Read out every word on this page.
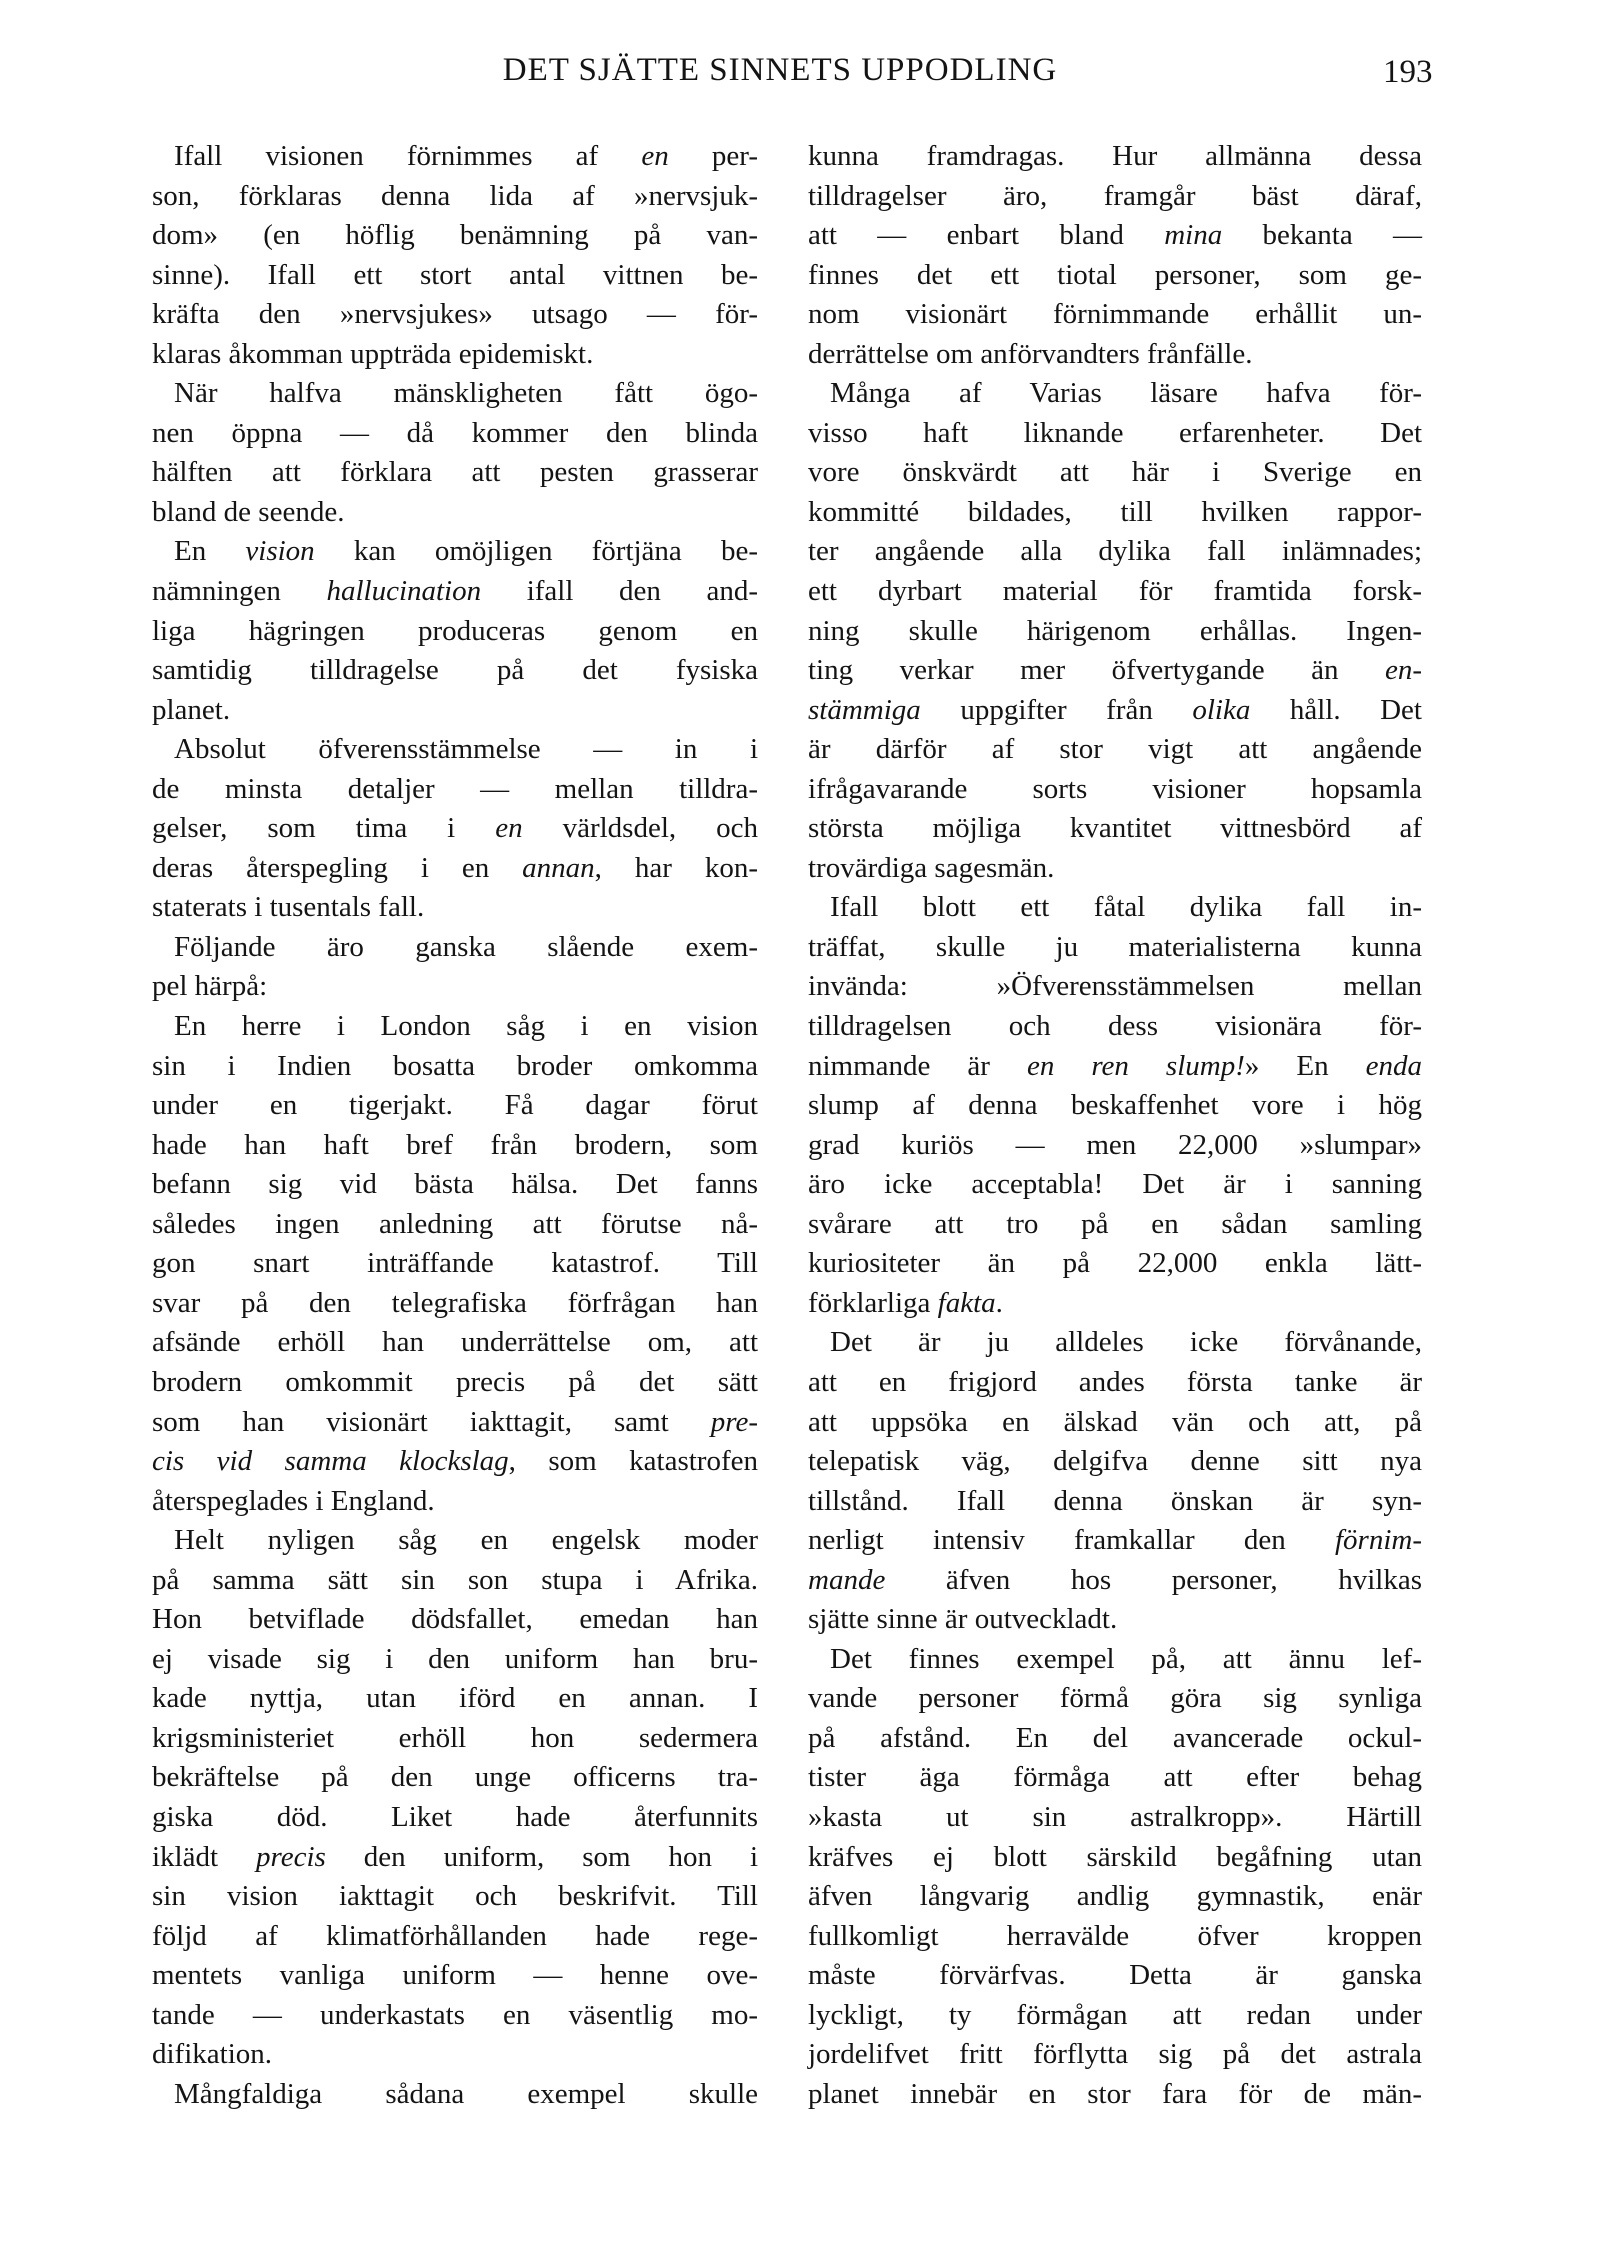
DET SJÄTTE SINNETS UPPODLING	193
Ifall visionen förnimmes af en per-
son, förklaras denna lida af »nervsjuk-
dom» (en höflig benämning på van-
sinne). Ifall ett stort antal vittnen be-
kräfta den »nervsjukes» utsago — för-
klaras åkomman uppträda epidemiskt.
När halfva mänskligheten fått ögo-
nen öppna — då kommer den blinda
hälften att förklara att pesten grasserar
bland de seende.
En vision kan omöjligen förtjäna be-
nämningen hallucination ifall den and-
liga hägringen produceras genom en
samtidig tilldragelse på det fysiska
planet.
Absolut öfverensstämmelse — in i
de minsta detaljer — mellan tilldra-
gelser, som tima i en världsdel, och
deras återspegling i en annan, har kon-
staterats i tusentals fall.
Följande äro ganska slående exem-
pel härpå:
En herre i London såg i en vision
sin i Indien bosatta broder omkomma
under en tigerjakt. Få dagar förut
hade han haft bref från brodern, som
befann sig vid bästa hälsa. Det fanns
således ingen anledning att förutse nå-
gon snart inträffande katastrof. Till
svar på den telegrafiska förfrågan han
afsände erhöll han underrättelse om, att
brodern omkommit precis på det sätt
som han visionärt iakttagit, samt pre-
cis vid samma klockslag, som katastrofen
återspeglades i England.
Helt nyligen såg en engelsk moder
på samma sätt sin son stupa i Afrika.
Hon betviflade dödsfallet, emedan han
ej visade sig i den uniform han bru-
kade nyttja, utan iförd en annan. I
krigsministeriet erhöll hon sedermera
bekräftelse på den unge officerns tra-
giska död. Liket hade återfunnits
iklädt precis den uniform, som hon i
sin vision iakttagit och beskrifvit. Till
följd af klimatförhållanden hade rege-
mentets vanliga uniform — henne ove-
tande — underkastats en väsentlig mo-
difikation.
Mångfaldiga sådana exempel skulle
kunna framdragas. Hur allmänna dessa
tilldragelser äro, framgår bäst däraf,
att — enbart bland mina bekanta —
finnes det ett tiotal personer, som ge-
nom visionärt förnimmande erhållit un-
derrättelse om anförvandters frånfälle.
Många af Varias läsare hafva för-
visso haft liknande erfarenheter. Det
vore önskvärdt att här i Sverige en
kommitté bildades, till hvilken rappor-
ter angående alla dylika fall inlämnades;
ett dyrbart material för framtida forsk-
ning skulle härigenom erhållas. Ingen-
ting verkar mer öfvertygande än en-
stämmiga uppgifter från olika håll. Det
är därför af stor vigt att angående
ifrågavarande sorts visioner hopsamla
största möjliga kvantitet vittnesbörd af
trovärdiga sagesmän.
Ifall blott ett fåtal dylika fall in-
träffat, skulle ju materialisterna kunna
invända: »Öfverensstämmelsen mellan
tilldragelsen och dess visionära för-
nimmande är en ren slump!» En enda
slump af denna beskaffenhet vore i hög
grad kuriös — men 22,000 »slumpar»
äro icke acceptabla! Det är i sanning
svårare att tro på en sådan samling
kuriositeter än på 22,000 enkla lätt-
förklarliga fakta.
Det är ju alldeles icke förvånande,
att en frigjord andes första tanke är
att uppsöka en älskad vän och att, på
telepatisk väg, delgifva denne sitt nya
tillstånd. Ifall denna önskan är syn-
nerligt intensiv framkallar den förnim-
mande äfven hos personer, hvilkas
sjätte sinne är outveckladt.
Det finnes exempel på, att ännu lef-
vande personer förmå göra sig synliga
på afstånd. En del avancerade ockul-
tister äga förmåga att efter behag
»kasta ut sin astralkropp». Härtill
kräfves ej blott särskild begåfning utan
äfven långvarig andlig gymnastik, enär
fullkomligt herravälde öfver kroppen
måste förvärfvas. Detta är ganska
lyckligt, ty förmågan att redan under
jordelifvet fritt förflytta sig på det astrala
planet innebär en stor fara för de män-
